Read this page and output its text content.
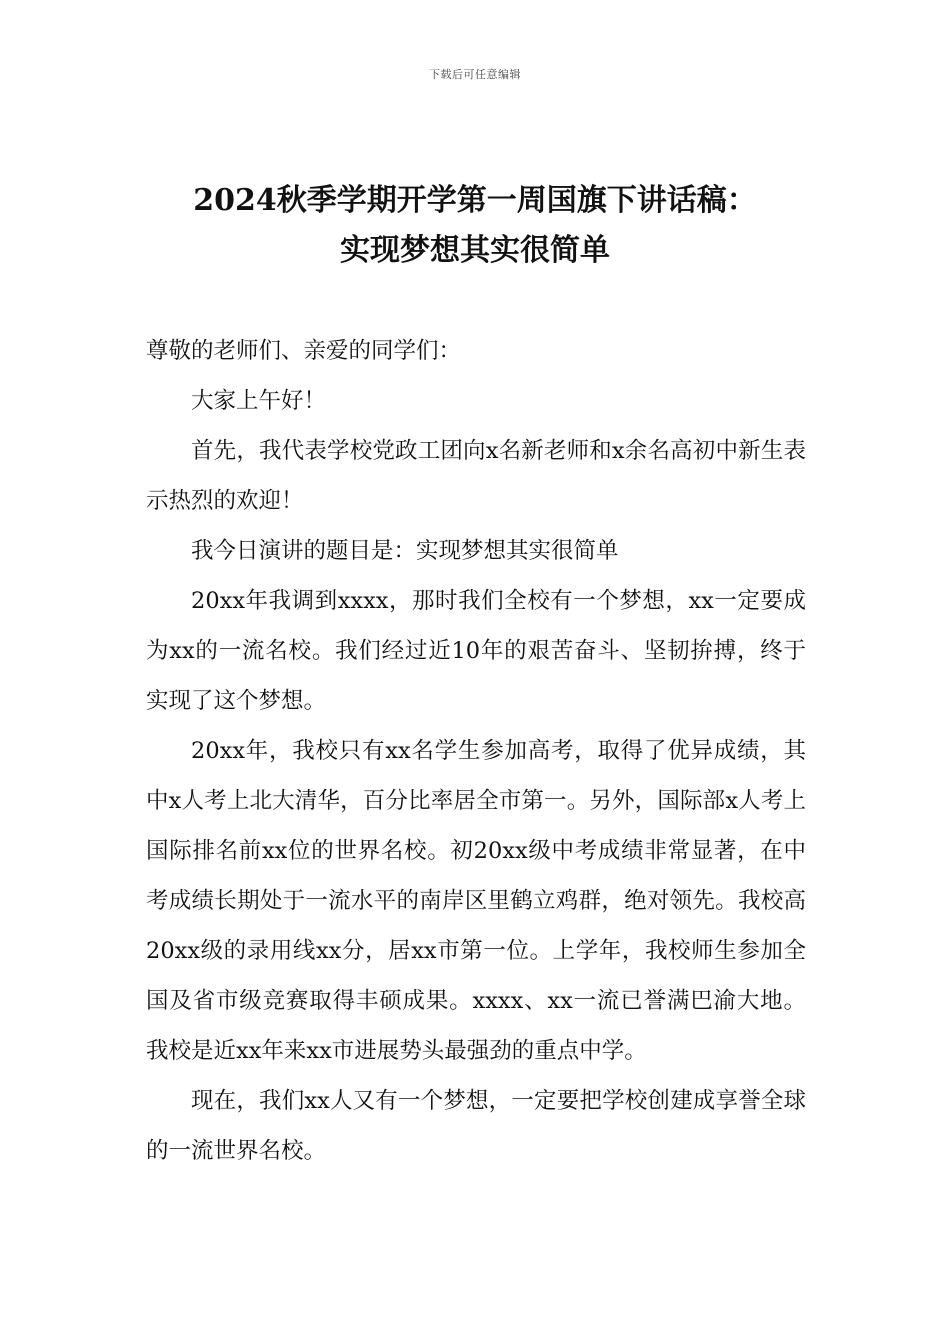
下载后可任意编辑
2024秋季学期开学第一周国旗下讲话稿：
实现梦想其实很简单

尊敬的老师们、亲爱的同学们：

大家上午好！

首先，我代表学校党政工团向x名新老师和x余名高初中新生表示热烈的欢迎！

我今日演讲的题目是：实现梦想其实很简单

20xx年我调到xxxx，那时我们全校有一个梦想，xx一定要成为xx的一流名校。我们经过近10年的艰苦奋斗、坚韧拚搏，终于实现了这个梦想。

20xx年，我校只有xx名学生参加高考，取得了优异成绩，其中x人考上北大清华，百分比率居全市第一。另外，国际部x人考上国际排名前xx位的世界名校。初20xx级中考成绩非常显著，在中考成绩长期处于一流水平的南岸区里鹤立鸡群，绝对领先。我校高20xx级的录用线xx分，居xx市第一位。上学年，我校师生参加全国及省市级竞赛取得丰硕成果。xxxx、xx一流已誉满巴渝大地。我校是近xx年来xx市进展势头最强劲的重点中学。

现在，我们xx人又有一个梦想，一定要把学校创建成享誉全球的一流世界名校。
